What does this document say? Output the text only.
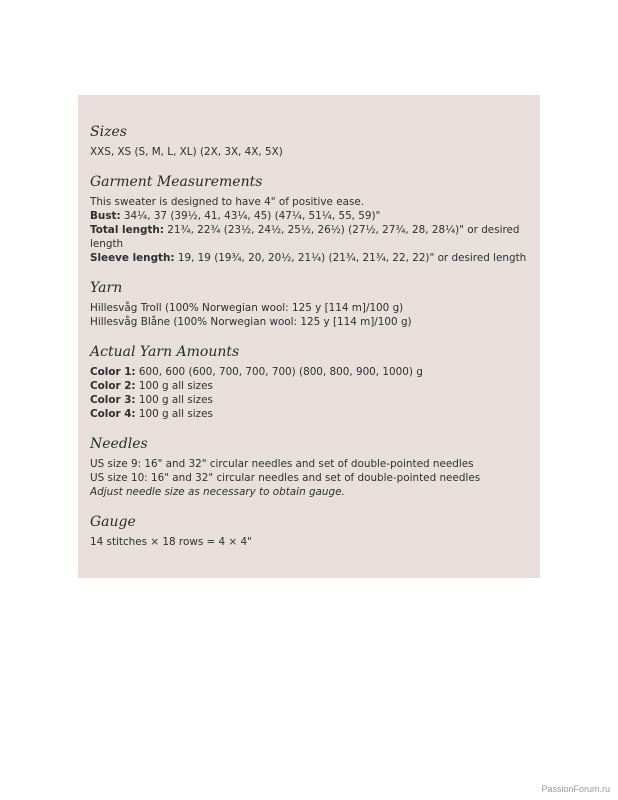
Sizes

XXS, XS (S, M, L, XL) (2X, 3X, 4X, 5X)

Garment Measurements

This sweater is designed to have 4" of positive ease.

Bust: 34¼, 37 (39½, 41, 43¼, 45) (47¼, 51¼, 55, 59)"

Total length: 21¾, 22¾ (23½, 24½, 25½, 26½) (27½, 27¾, 28, 28¼)" or desired length

Sleeve length: 19, 19 (19¾, 20, 20½, 21¼) (21¾, 21¾, 22, 22)" or desired length

Yarn

Hillesvåg Troll (100% Norwegian wool: 125 y [114 m]/100 g)

Hillesvåg Blåne (100% Norwegian wool: 125 y [114 m]/100 g)

Actual Yarn Amounts

Color 1: 600, 600 (600, 700, 700, 700) (800, 800, 900, 1000) g

Color 2: 100 g all sizes

Color 3: 100 g all sizes

Color 4: 100 g all sizes

Needles

US size 9: 16" and 32" circular needles and set of double-pointed needles

US size 10: 16" and 32" circular needles and set of double-pointed needles

Adjust needle size as necessary to obtain gauge.

Gauge

14 stitches × 18 rows = 4 × 4"

PassionForum.ru
